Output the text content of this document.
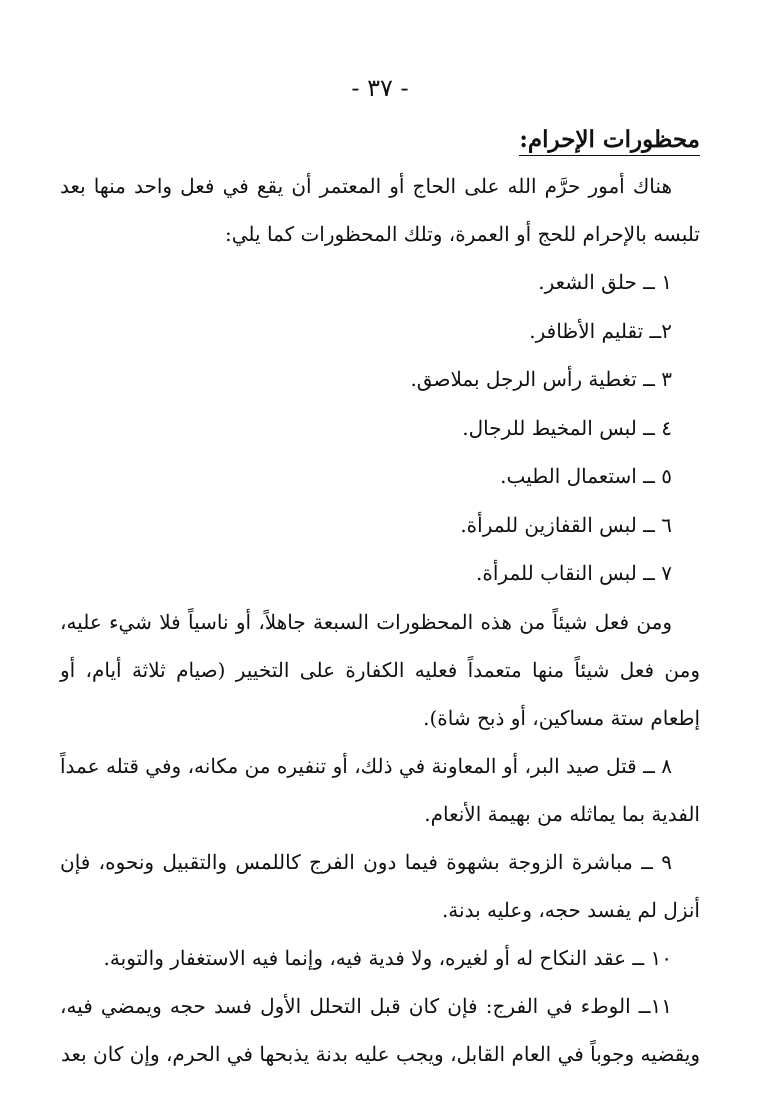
- ٣٧ -
محظورات الإحرام:

هناك أمور حرَّم الله على الحاج أو المعتمر أن يقع في فعل واحد منها بعد تلبسه بالإحرام للحج أو العمرة، وتلك المحظورات كما يلي:

١ ــ حلق الشعر.
٢ــ تقليم الأظافر.
٣ ــ تغطية رأس الرجل بملاصق.
٤ ــ لبس المخيط للرجال.
٥ ــ استعمال الطيب.
٦ ــ لبس القفازين للمرأة.
٧ ــ لبس النقاب للمرأة.

ومن فعل شيئاً من هذه المحظورات السبعة جاهلاً، أو ناسياً فلا شيء عليه، ومن فعل شيئاً منها متعمداً فعليه الكفارة على التخيير (صيام ثلاثة أيام، أو إطعام ستة مساكين، أو ذبح شاة).

٨ ــ قتل صيد البر، أو المعاونة في ذلك، أو تنفيره من مكانه، وفي قتله عمداً الفدية بما يماثله من بهيمة الأنعام.

٩ ــ مباشرة الزوجة بشهوة فيما دون الفرج كاللمس والتقبيل ونحوه، فإن أنزل لم يفسد حجه، وعليه بدنة.

١٠ ــ عقد النكاح له أو لغيره، ولا فدية فيه، وإنما فيه الاستغفار والتوبة.

١١ــ الوطء في الفرج: فإن كان قبل التحلل الأول فسد حجه ويمضي فيه، ويقضيه وجوباً في العام القابل، ويجب عليه بدنة يذبحها في الحرم، وإن كان بعد
